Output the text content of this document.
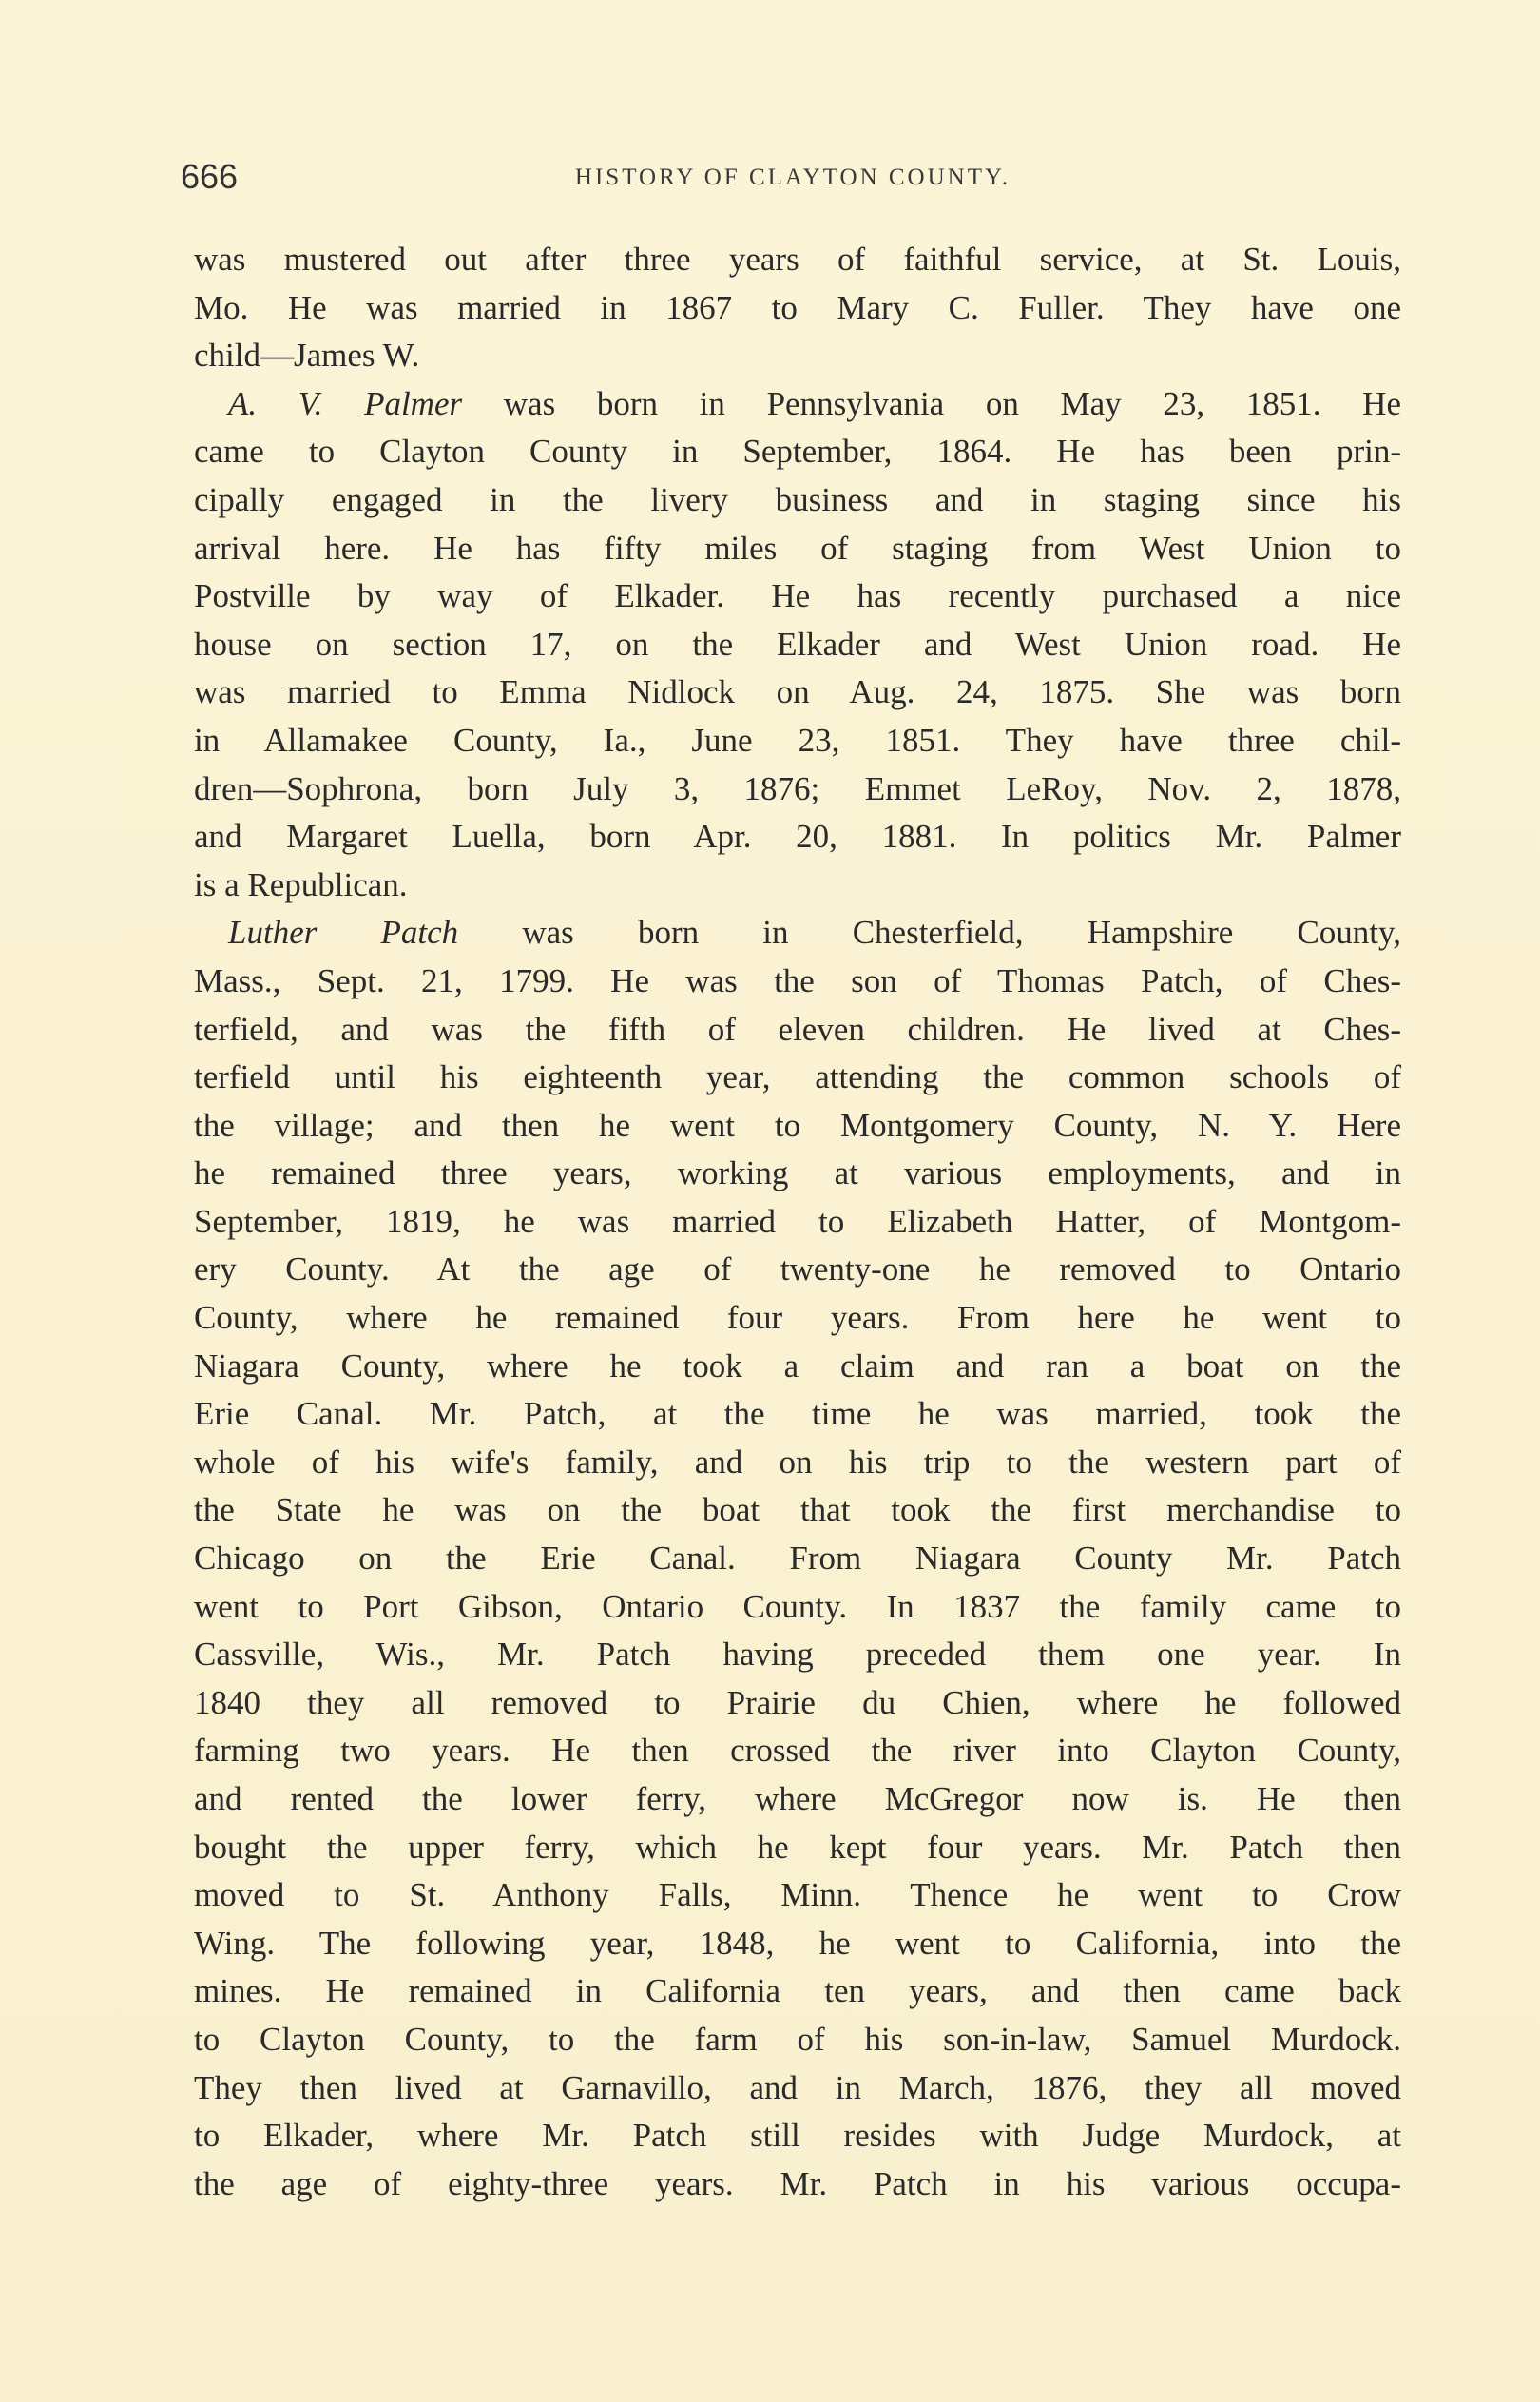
666	HISTORY OF CLAYTON COUNTY.
was mustered out after three years of faithful service, at St. Louis,
Mo. He was married in 1867 to Mary C. Fuller. They have one
child—James W.
A. V. Palmer was born in Pennsylvania on May 23, 1851. He
came to Clayton County in September, 1864. He has been prin-
cipally engaged in the livery business and in staging since his
arrival here. He has fifty miles of staging from West Union to
Postville by way of Elkader. He has recently purchased a nice
house on section 17, on the Elkader and West Union road. He
was married to Emma Nidlock on Aug. 24, 1875. She was born
in Allamakee County, Ia., June 23, 1851. They have three chil-
dren—Sophrona, born July 3, 1876; Emmet LeRoy, Nov. 2, 1878,
and Margaret Luella, born Apr. 20, 1881. In politics Mr. Palmer
is a Republican.
Luther Patch was born in Chesterfield, Hampshire County,
Mass., Sept. 21, 1799. He was the son of Thomas Patch, of Ches-
terfield, and was the fifth of eleven children. He lived at Ches-
terfield until his eighteenth year, attending the common schools of
the village; and then he went to Montgomery County, N. Y. Here
he remained three years, working at various employments, and in
September, 1819, he was married to Elizabeth Hatter, of Montgom-
ery County. At the age of twenty-one he removed to Ontario
County, where he remained four years. From here he went to
Niagara County, where he took a claim and ran a boat on the
Erie Canal. Mr. Patch, at the time he was married, took the
whole of his wife's family, and on his trip to the western part of
the State he was on the boat that took the first merchandise to
Chicago on the Erie Canal. From Niagara County Mr. Patch
went to Port Gibson, Ontario County. In 1837 the family came to
Cassville, Wis., Mr. Patch having preceded them one year. In
1840 they all removed to Prairie du Chien, where he followed
farming two years. He then crossed the river into Clayton County,
and rented the lower ferry, where McGregor now is. He then
bought the upper ferry, which he kept four years. Mr. Patch then
moved to St. Anthony Falls, Minn. Thence he went to Crow
Wing. The following year, 1848, he went to California, into the
mines. He remained in California ten years, and then came back
to Clayton County, to the farm of his son-in-law, Samuel Murdock.
They then lived at Garnavillo, and in March, 1876, they all moved
to Elkader, where Mr. Patch still resides with Judge Murdock, at
the age of eighty-three years. Mr. Patch in his various occupa-
